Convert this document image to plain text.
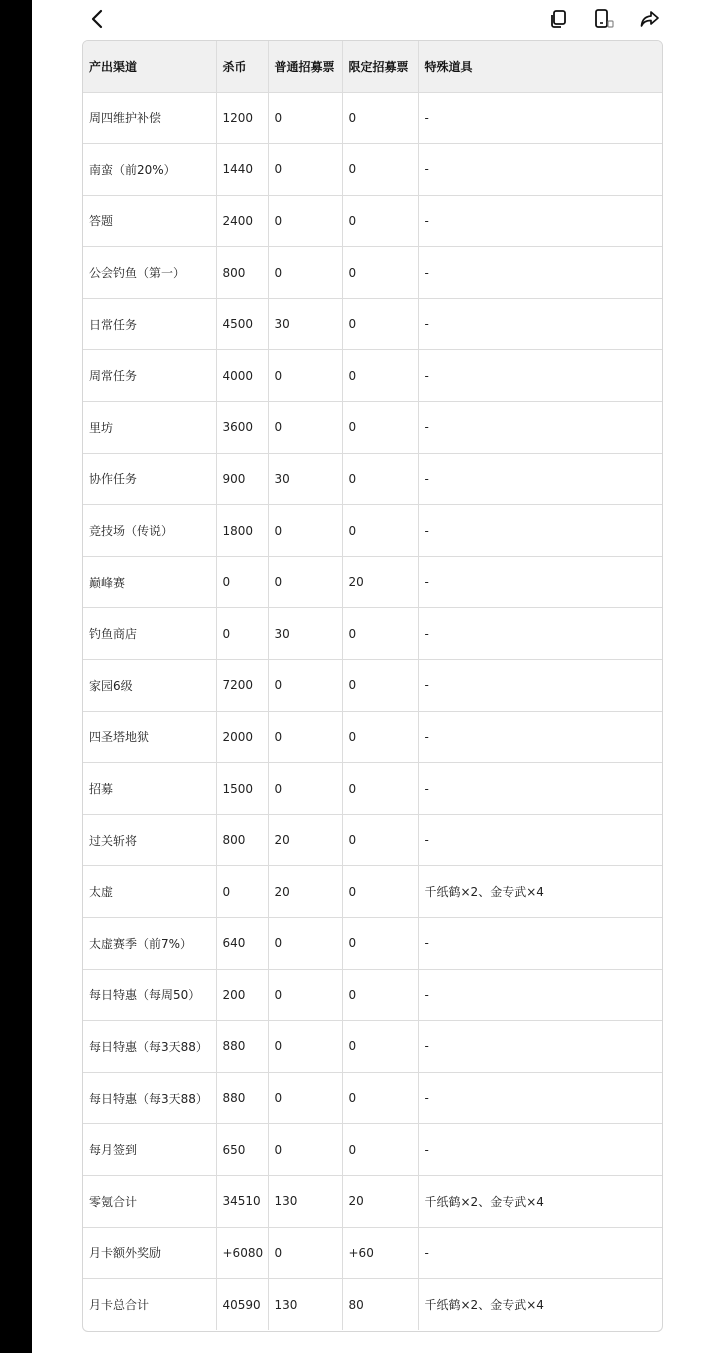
产出渠道	杀币	普通招募票	限定招募票	特殊道具
周四维护补偿	1200	0	0	-
南蛮（前20%）	1440	0	0	-
答题	2400	0	0	-
公会钓鱼（第一）	800	0	0	-
日常任务	4500	30	0	-
周常任务	4000	0	0	-
里坊	3600	0	0	-
协作任务	900	30	0	-
竞技场（传说）	1800	0	0	-
巅峰赛	0	0	20	-
钓鱼商店	0	30	0	-
家园6级	7200	0	0	-
四圣塔地狱	2000	0	0	-
招募	1500	0	0	-
过关斩将	800	20	0	-
太虚	0	20	0	千纸鹤×2、金专武×4
太虚赛季（前7%）	640	0	0	-
每日特惠（每周50）	200	0	0	-
每日特惠（每3天88）	880	0	0	-
每日特惠（每3天88）	880	0	0	-
每月签到	650	0	0	-
零氪合计	34510	130	20	千纸鹤×2、金专武×4
月卡额外奖励	+6080	0	+60	-
月卡总合计	40590	130	80	千纸鹤×2、金专武×4
